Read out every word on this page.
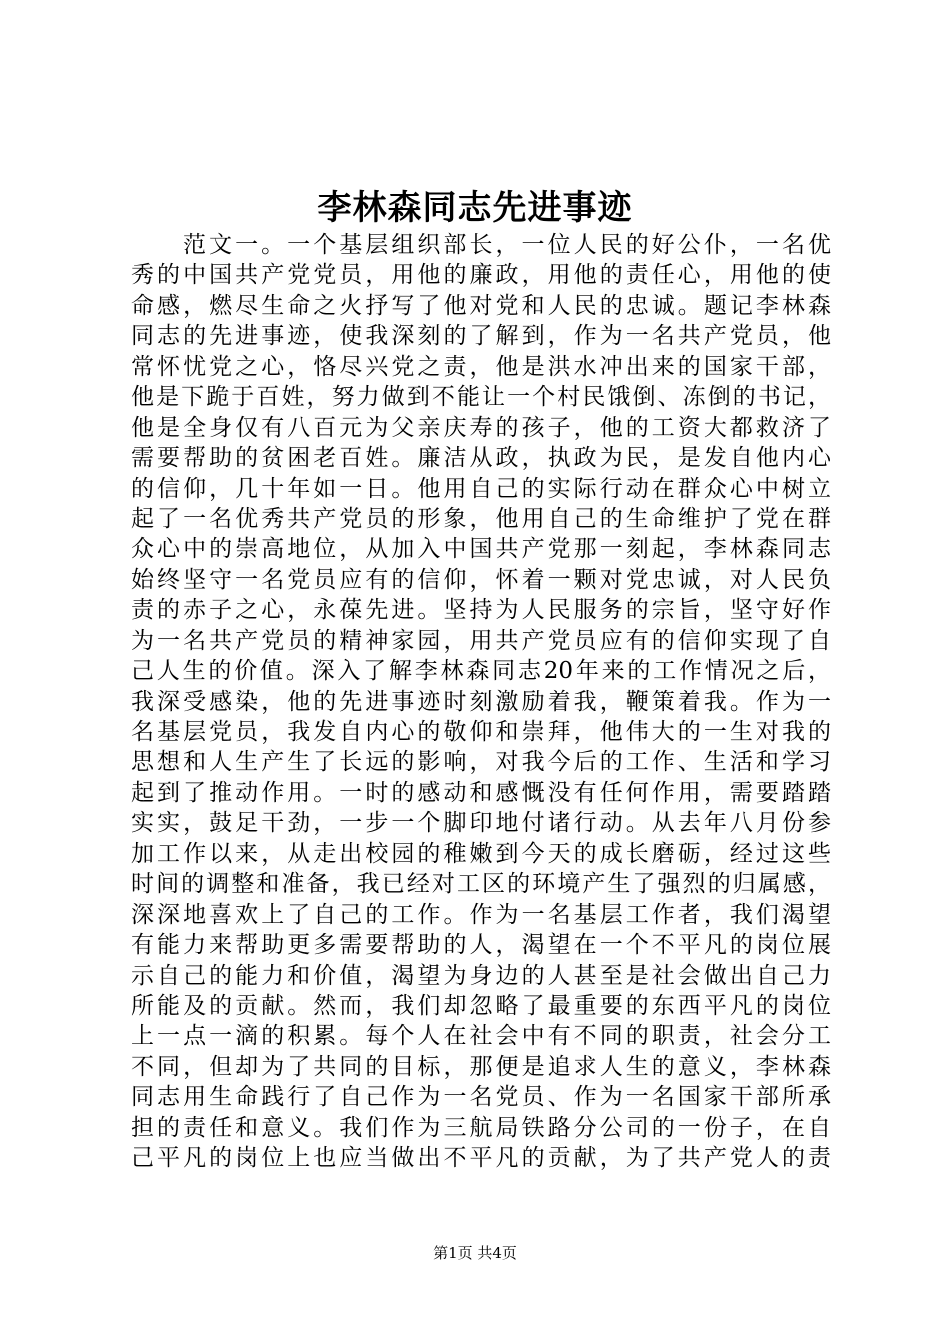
李林森同志先进事迹
范文一。一个基层组织部长，一位人民的好公仆，一名优
秀的中国共产党党员，用他的廉政，用他的责任心，用他的使
命感，燃尽生命之火抒写了他对党和人民的忠诚。题记李林森
同志的先进事迹，使我深刻的了解到，作为一名共产党员，他
常怀忧党之心，恪尽兴党之责，他是洪水冲出来的国家干部，
他是下跪于百姓，努力做到不能让一个村民饿倒、冻倒的书记，
他是全身仅有八百元为父亲庆寿的孩子，他的工资大都救济了
需要帮助的贫困老百姓。廉洁从政，执政为民，是发自他内心
的信仰，几十年如一日。他用自己的实际行动在群众心中树立
起了一名优秀共产党员的形象，他用自己的生命维护了党在群
众心中的崇高地位，从加入中国共产党那一刻起，李林森同志
始终坚守一名党员应有的信仰，怀着一颗对党忠诚，对人民负
责的赤子之心，永葆先进。坚持为人民服务的宗旨，坚守好作
为一名共产党员的精神家园，用共产党员应有的信仰实现了自
己人生的价值。深入了解李林森同志20年来的工作情况之后，
我深受感染，他的先进事迹时刻激励着我，鞭策着我。作为一
名基层党员，我发自内心的敬仰和崇拜，他伟大的一生对我的
思想和人生产生了长远的影响，对我今后的工作、生活和学习
起到了推动作用。一时的感动和感慨没有任何作用，需要踏踏
实实，鼓足干劲，一步一个脚印地付诸行动。从去年八月份参
加工作以来，从走出校园的稚嫩到今天的成长磨砺，经过这些
时间的调整和准备，我已经对工区的环境产生了强烈的归属感，
深深地喜欢上了自己的工作。作为一名基层工作者，我们渴望
有能力来帮助更多需要帮助的人，渴望在一个不平凡的岗位展
示自己的能力和价值，渴望为身边的人甚至是社会做出自己力
所能及的贡献。然而，我们却忽略了最重要的东西平凡的岗位
上一点一滴的积累。每个人在社会中有不同的职责，社会分工
不同，但却为了共同的目标，那便是追求人生的意义，李林森
同志用生命践行了自己作为一名党员、作为一名国家干部所承
担的责任和意义。我们作为三航局铁路分公司的一份子，在自
己平凡的岗位上也应当做出不平凡的贡献，为了共产党人的责
第1页 共4页
